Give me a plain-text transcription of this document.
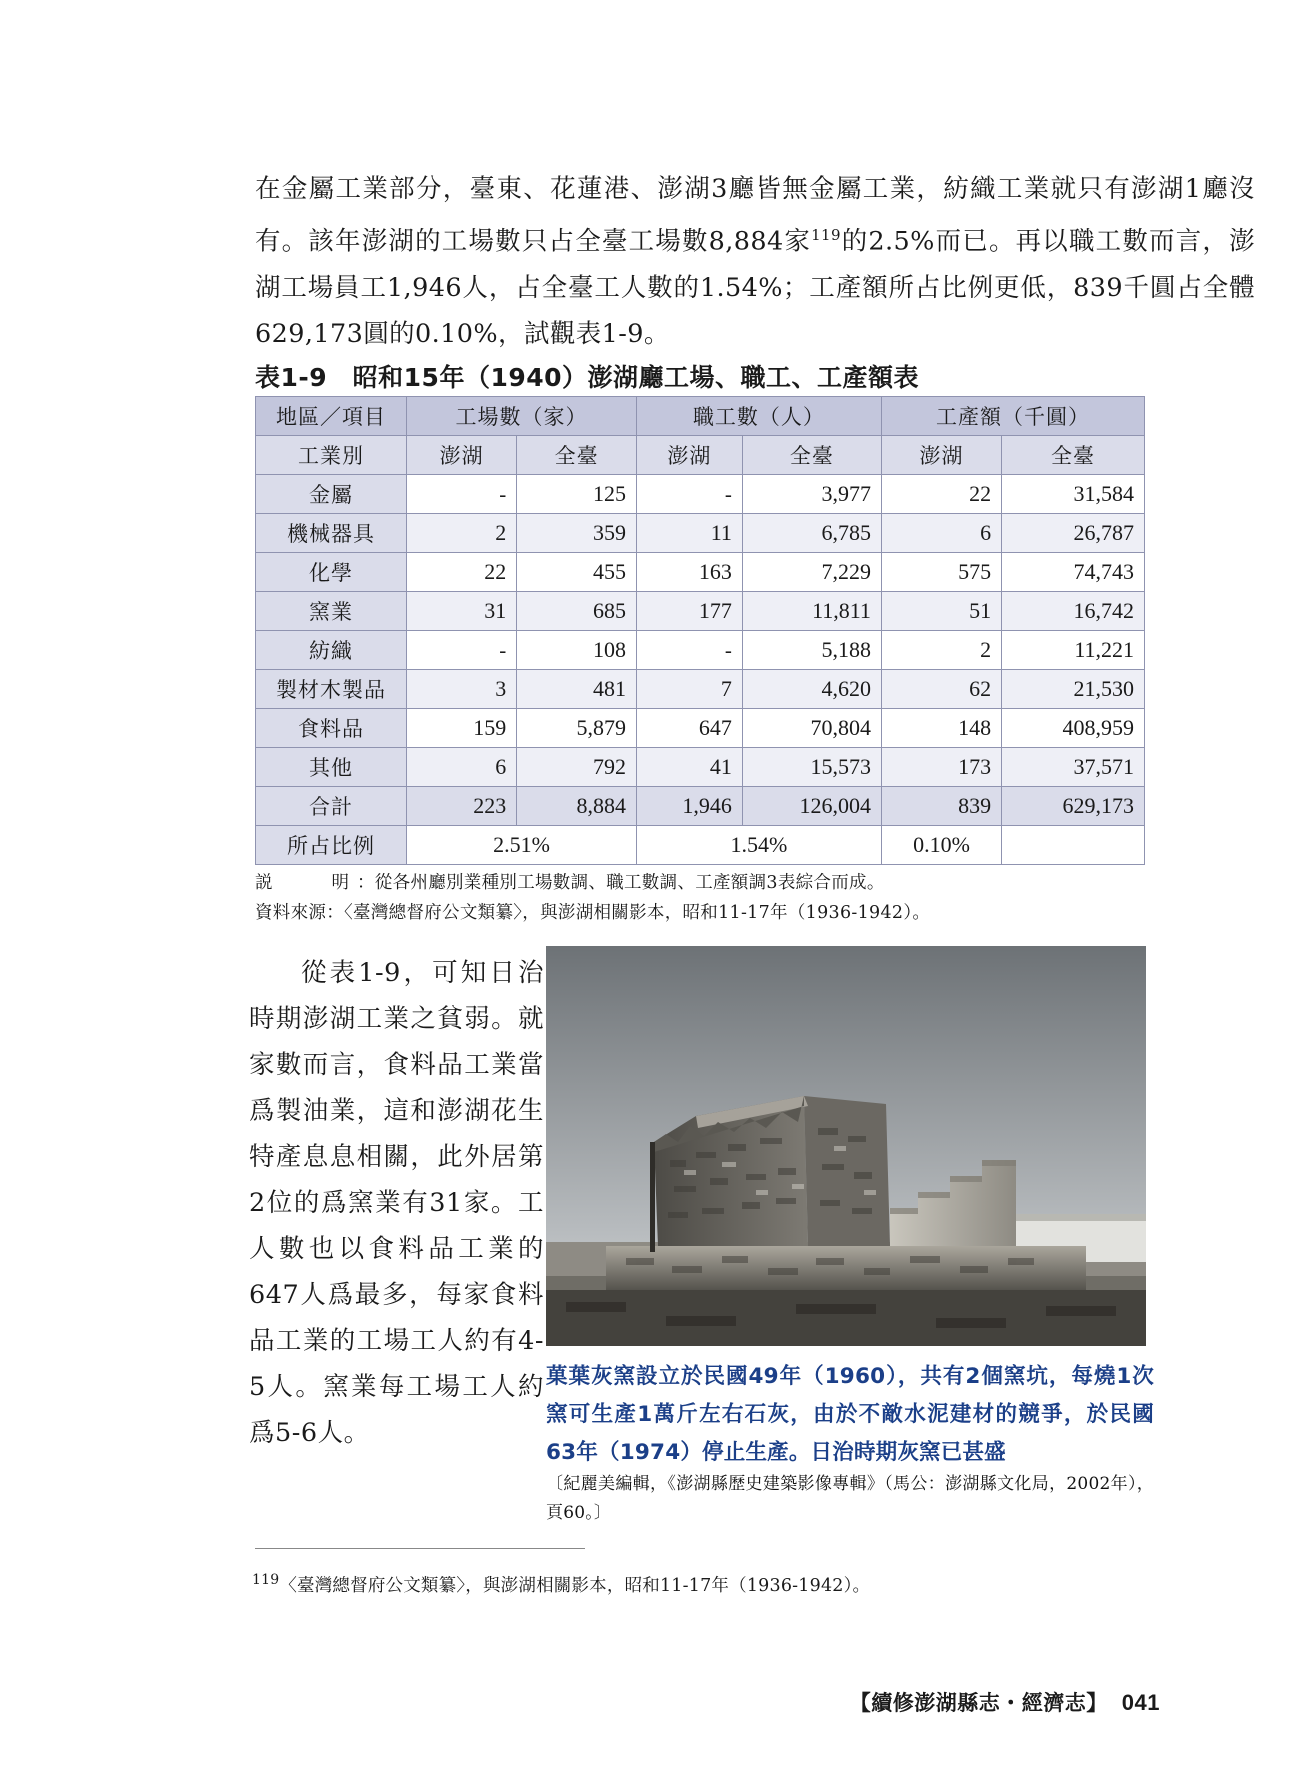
在金屬工業部分，臺東、花蓮港、澎湖3廳皆無金屬工業，紡織工業就只有澎湖1廳沒有。該年澎湖的工場數只占全臺工場數8,884家$^{119}$的2.5%而已。再以職工數而言，澎湖工場員工1,946人，占全臺工人數的1.54%；工產額所占比例更低，839千圓占全體629,173圓的0.10%，試觀表1-9。
表1-9　昭和15年（1940）澎湖廳工場、職工、工產額表
地區／項目	工場數（家）		職工數（人）		工產額（千圓）	
工業別	澎湖	全臺	澎湖	全臺	澎湖	全臺
金屬	-	125	-	3,977	22	31,584
機械器具	2	359	11	6,785	6	26,787
化學	22	455	163	7,229	575	74,743
窯業	31	685	177	11,811	51	16,742
紡織	-	108	-	5,188	2	11,221
製材木製品	3	481	7	4,620	62	21,530
食料品	159	5,879	647	70,804	148	408,959
其他	6	792	41	15,573	173	37,571
合計	223	8,884	1,946	126,004	839	629,173
所占比例	2.51%		1.54%		0.10%	
説　　明：從各州廳別業種別工場數調、職工數調、工產額調3表綜合而成。
資料來源：〈臺灣總督府公文類纂〉，與澎湖相關影本，昭和11-17年（1936-1942）。
從表1-9，可知日治時期澎湖工業之貧弱。就家數而言，食料品工業當爲製油業，這和澎湖花生特產息息相關，此外居第2位的爲窯業有31家。工人數也以食料品工業的647人爲最多，每家食料品工業的工場工人約有4-5人。窯業每工場工人約爲5-6人。
菓葉灰窯設立於民國49年（1960），共有2個窯坑，每燒1次窯可生產1萬斤左右石灰，由於不敵水泥建材的競爭，於民國63年（1974）停止生產。日治時期灰窯已甚盛
〔紀麗美編輯，《澎湖縣歷史建築影像專輯》（馬公：澎湖縣文化局，2002年），頁60。〕
$^{119}$〈臺灣總督府公文類纂〉，與澎湖相關影本，昭和11-17年（1936-1942）。
【續修澎湖縣志・經濟志】 041
